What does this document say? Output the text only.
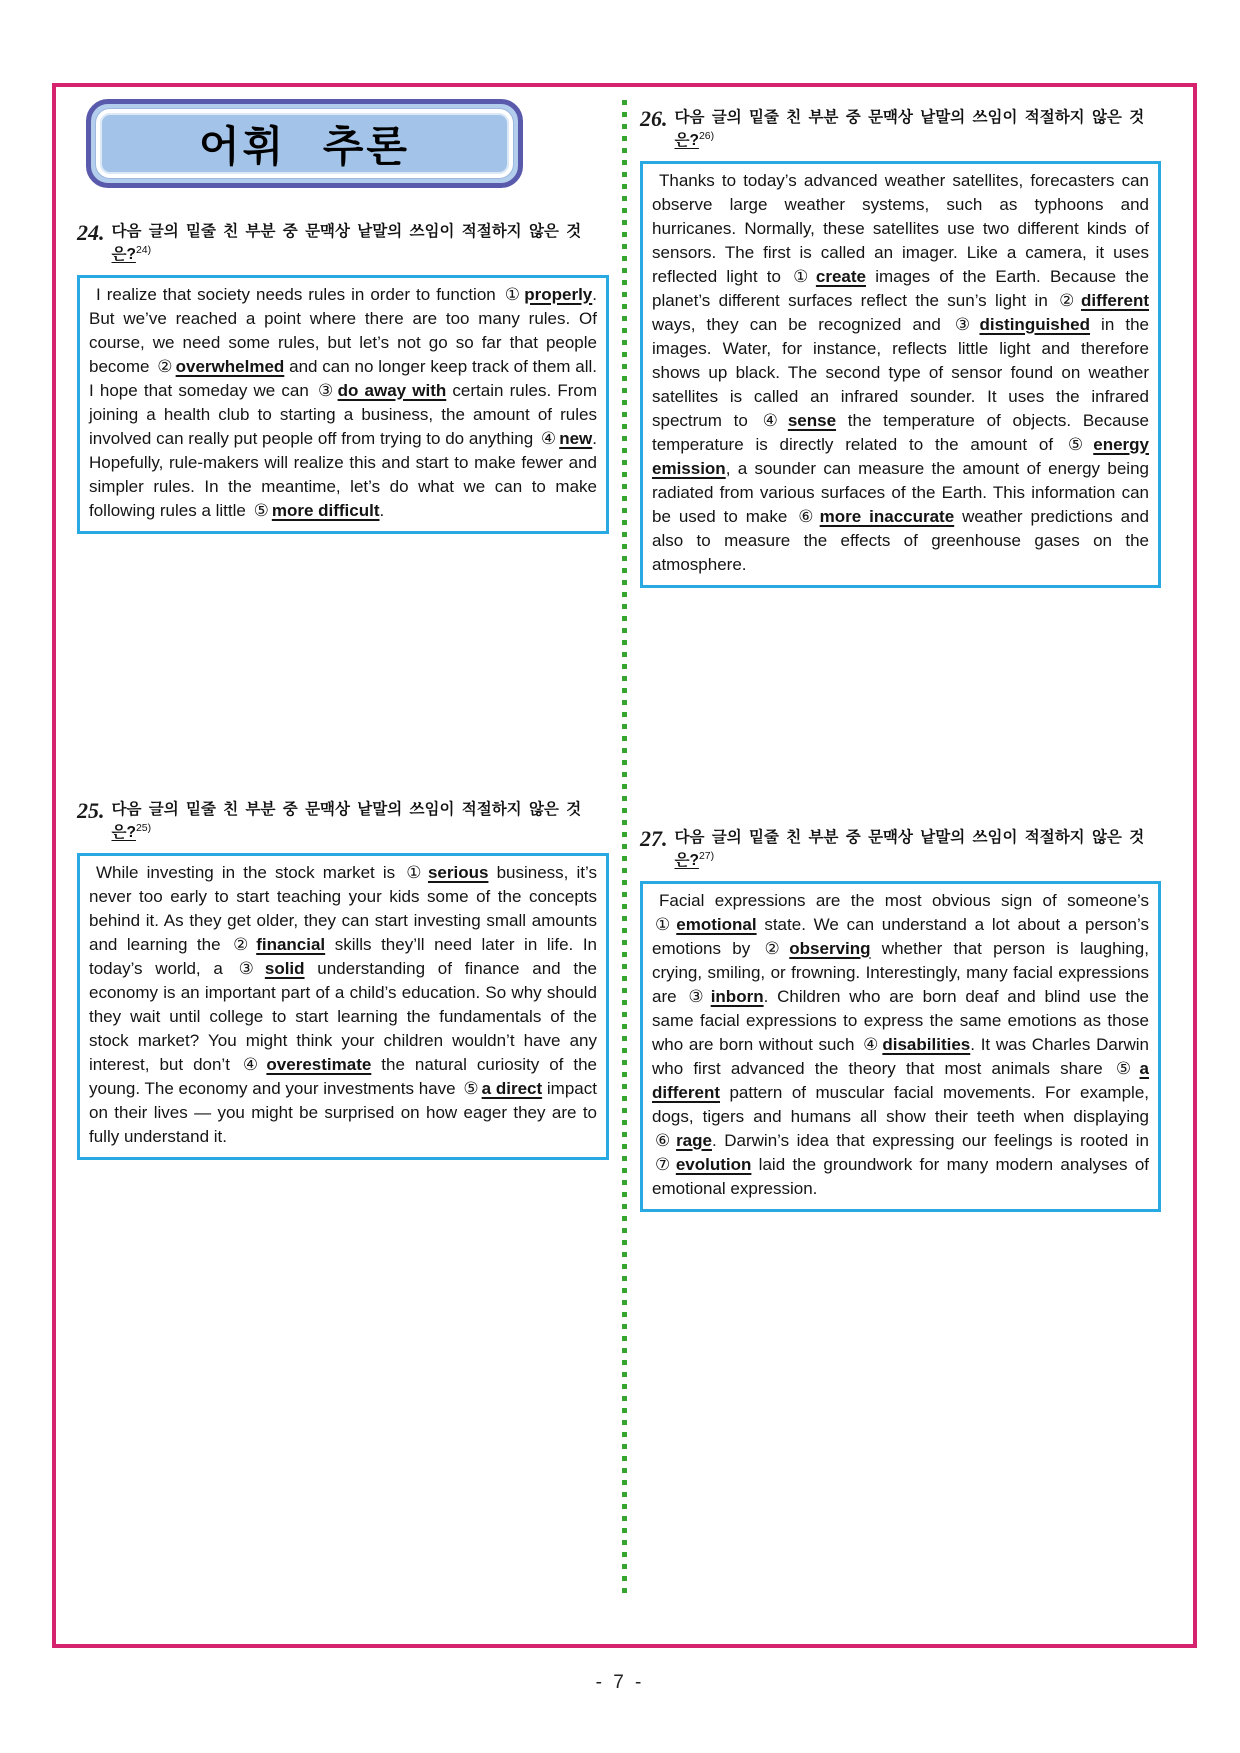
어휘 추론
24. 다음 글의 밑줄 친 부분 중 문맥상 낱말의 쓰임이 적절하지 않은 것
은?$^{24)}$

I realize that society needs rules in order to function ① properly. But we’ve reached a point where there are too many rules. Of course, we need some rules, but let’s not go so far that people become ② overwhelmed and can no longer keep track of them all. I hope that someday we can ③ do away with certain rules. From joining a health club to starting a business, the amount of rules involved can really put people off from trying to do anything ④ new. Hopefully, rule-makers will realize this and start to make fewer and simpler rules. In the meantime, let’s do what we can to make following rules a little ⑤ more difficult.

25. 다음 글의 밑줄 친 부분 중 문맥상 낱말의 쓰임이 적절하지 않은 것
은?$^{25)}$

While investing in the stock market is ① serious business, it’s never too early to start teaching your kids some of the concepts behind it. As they get older, they can start investing small amounts and learning the ② financial skills they’ll need later in life. In today’s world, a ③ solid understanding of finance and the economy is an important part of a child’s education. So why should they wait until college to start learning the fundamentals of the stock market? You might think your children wouldn’t have any interest, but don’t ④ overestimate the natural curiosity of the young. The economy and your investments have ⑤ a direct impact on their lives — you might be surprised on how eager they are to fully understand it.

26. 다음 글의 밑줄 친 부분 중 문맥상 낱말의 쓰임이 적절하지 않은 것
은?$^{26)}$

Thanks to today’s advanced weather satellites, forecasters can observe large weather systems, such as typhoons and hurricanes. Normally, these satellites use two different kinds of sensors. The first is called an imager. Like a camera, it uses reflected light to ① create images of the Earth. Because the planet’s different surfaces reflect the sun’s light in ② different ways, they can be recognized and ③ distinguished in the images. Water, for instance, reflects little light and therefore shows up black. The second type of sensor found on weather satellites is called an infrared sounder. It uses the infrared spectrum to ④ sense the temperature of objects. Because temperature is directly related to the amount of ⑤ energy emission, a sounder can measure the amount of energy being radiated from various surfaces of the Earth. This information can be used to make ⑥ more inaccurate weather predictions and also to measure the effects of greenhouse gases on the atmosphere.

27. 다음 글의 밑줄 친 부분 중 문맥상 낱말의 쓰임이 적절하지 않은 것
은?$^{27)}$

Facial expressions are the most obvious sign of someone’s ① emotional state. We can understand a lot about a person’s emotions by ② observing whether that person is laughing, crying, smiling, or frowning. Interestingly, many facial expressions are ③ inborn. Children who are born deaf and blind use the same facial expressions to express the same emotions as those who are born without such ④ disabilities. It was Charles Darwin who first advanced the theory that most animals share ⑤ a different pattern of muscular facial movements. For example, dogs, tigers and humans all show their teeth when displaying ⑥ rage. Darwin’s idea that expressing our feelings is rooted in ⑦ evolution laid the groundwork for many modern analyses of emotional expression.

- 7 -
